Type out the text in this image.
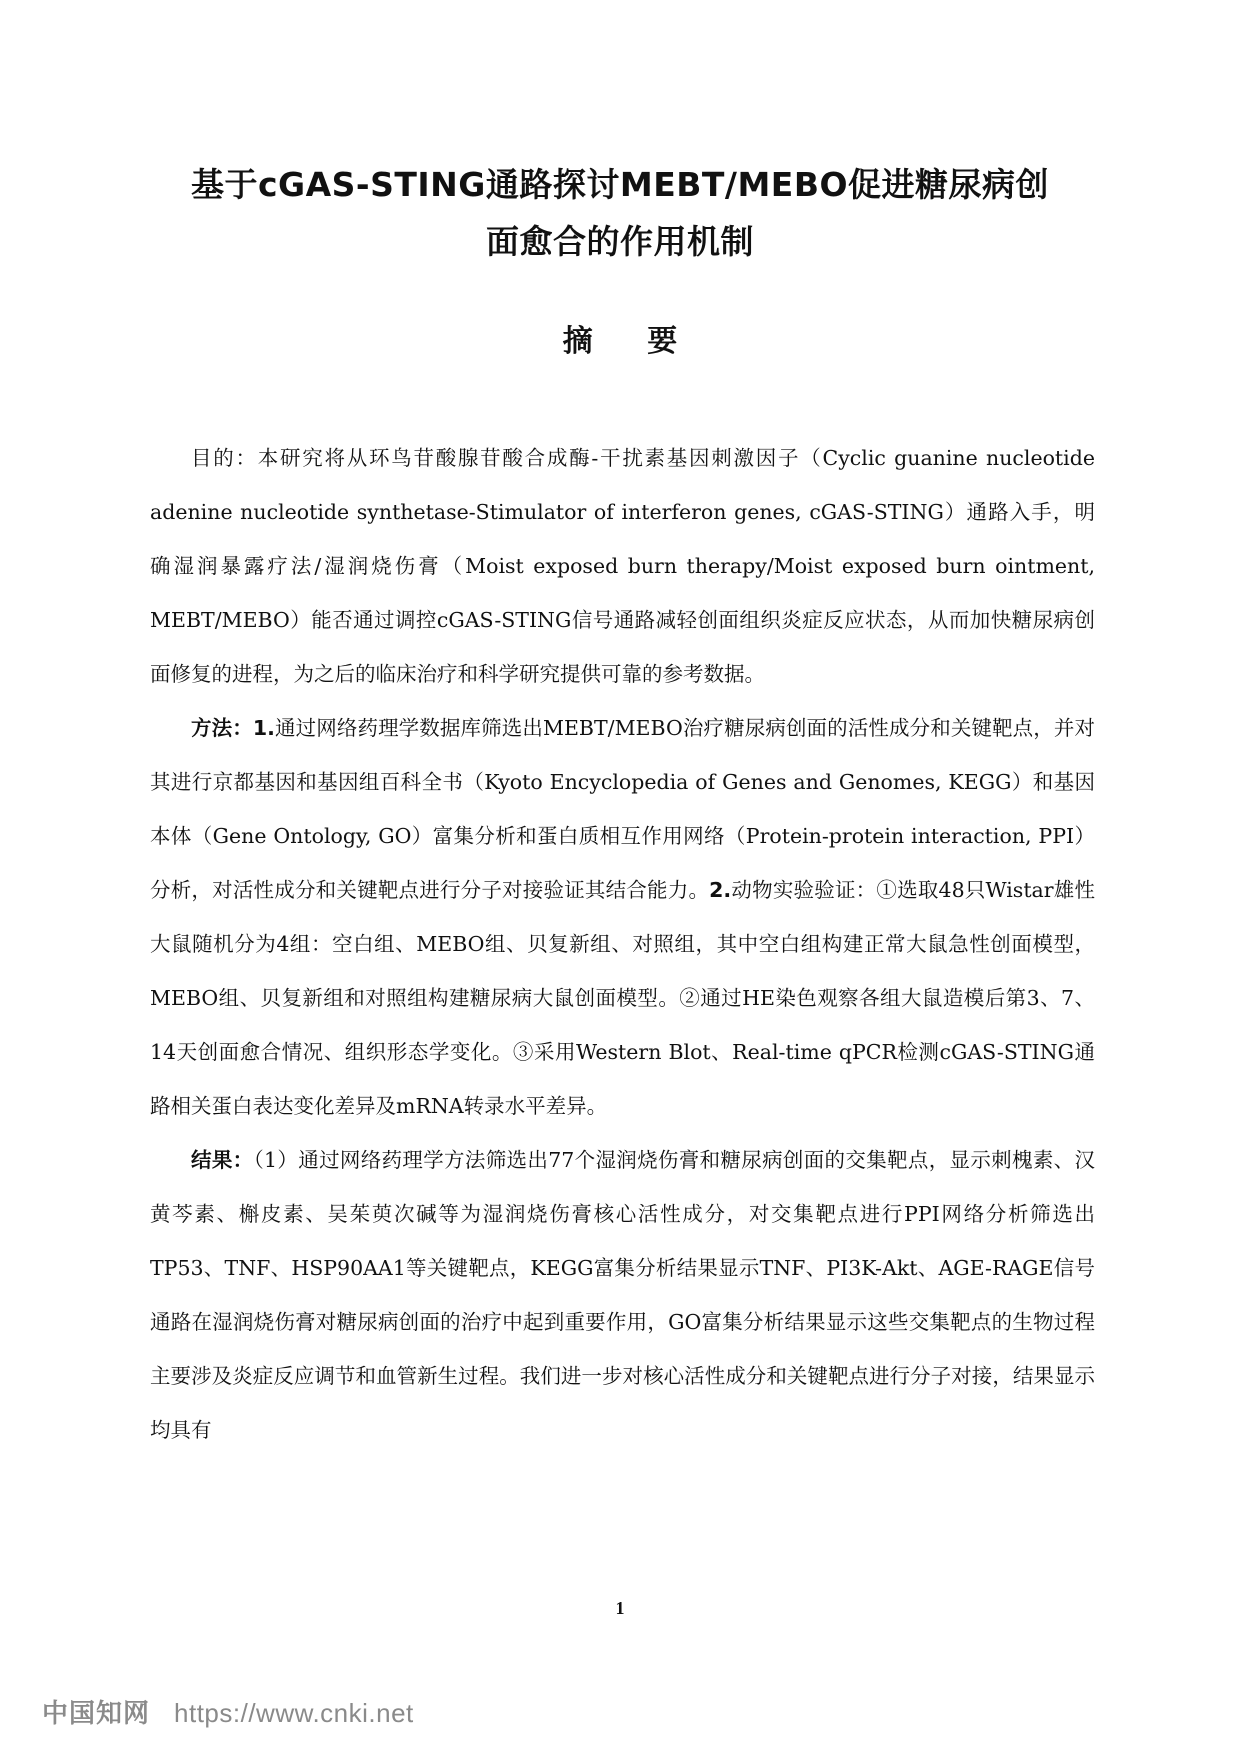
基于cGAS-STING通路探讨MEBT/MEBO促进糖尿病创
面愈合的作用机制
摘 要

目的：本研究将从环鸟苷酸腺苷酸合成酶-干扰素基因刺激因子（Cyclic guanine nucleotide adenine nucleotide synthetase-Stimulator of interferon genes, cGAS-STING）通路入手，明确湿润暴露疗法/湿润烧伤膏（Moist exposed burn therapy/Moist exposed burn ointment, MEBT/MEBO）能否通过调控cGAS-STING信号通路减轻创面组织炎症反应状态，从而加快糖尿病创面修复的进程，为之后的临床治疗和科学研究提供可靠的参考数据。

方法：1.通过网络药理学数据库筛选出MEBT/MEBO治疗糖尿病创面的活性成分和关键靶点，并对其进行京都基因和基因组百科全书（Kyoto Encyclopedia of Genes and Genomes, KEGG）和基因本体（Gene Ontology, GO）富集分析和蛋白质相互作用网络（Protein-protein interaction, PPI）分析，对活性成分和关键靶点进行分子对接验证其结合能力。2.动物实验验证：①选取48只Wistar雄性大鼠随机分为4组：空白组、MEBO组、贝复新组、对照组，其中空白组构建正常大鼠急性创面模型，MEBO组、贝复新组和对照组构建糖尿病大鼠创面模型。②通过HE染色观察各组大鼠造模后第3、7、14天创面愈合情况、组织形态学变化。③采用Western Blot、Real-time qPCR检测cGAS-STING通路相关蛋白表达变化差异及mRNA转录水平差异。

结果：（1）通过网络药理学方法筛选出77个湿润烧伤膏和糖尿病创面的交集靶点，显示刺槐素、汉黄芩素、槲皮素、吴茱萸次碱等为湿润烧伤膏核心活性成分，对交集靶点进行PPI网络分析筛选出TP53、TNF、HSP90AA1等关键靶点，KEGG富集分析结果显示TNF、PI3K-Akt、AGE-RAGE信号通路在湿润烧伤膏对糖尿病创面的治疗中起到重要作用，GO富集分析结果显示这些交集靶点的生物过程主要涉及炎症反应调节和血管新生过程。我们进一步对核心活性成分和关键靶点进行分子对接，结果显示均具有

1
中国知网 https://www.cnki.net
